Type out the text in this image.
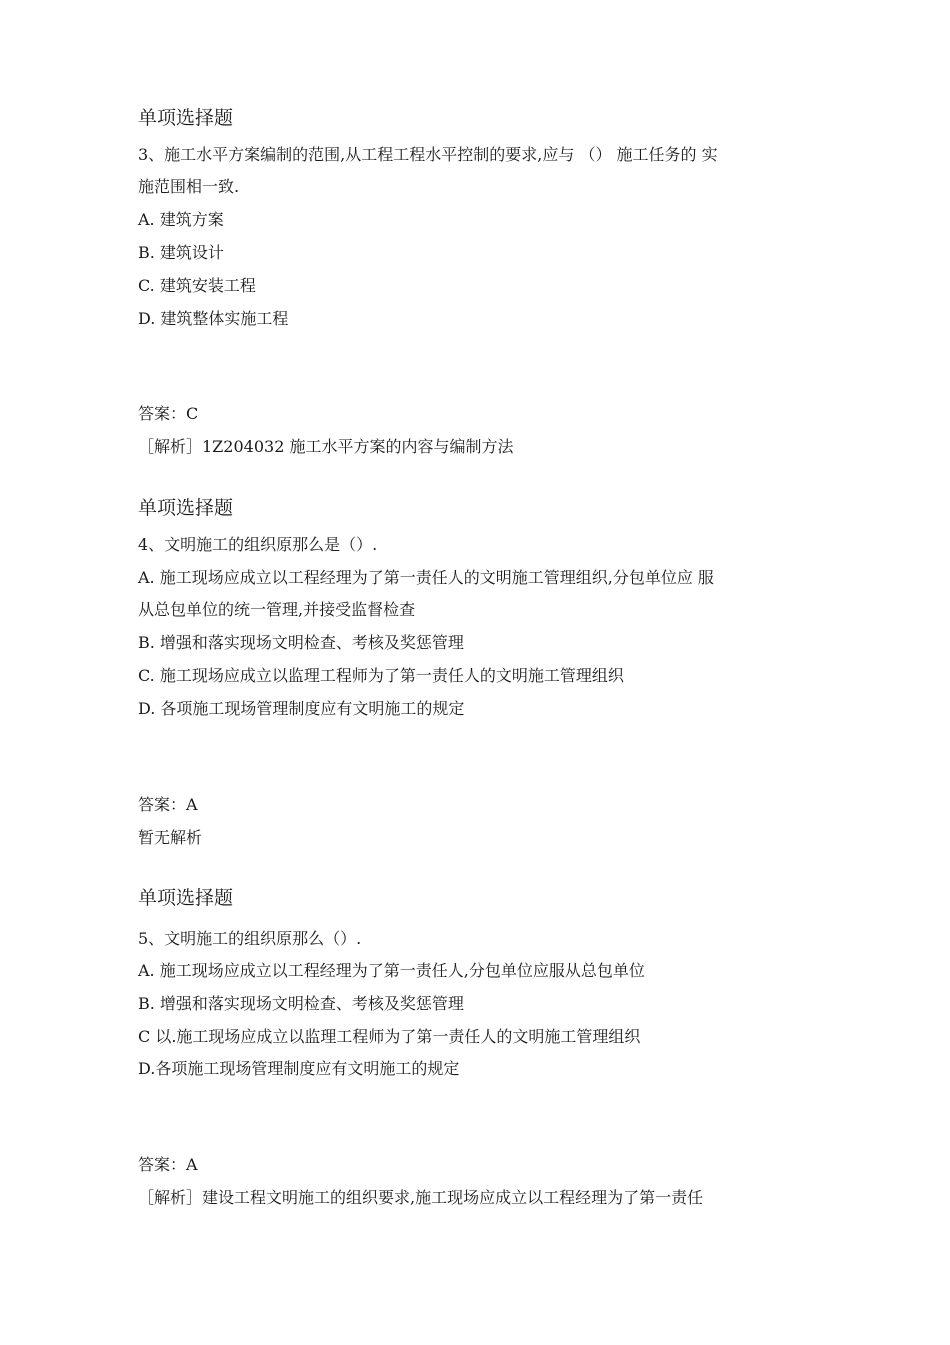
单项选择题
3、施工水平方案编制的范围,从工程工程水平控制的要求,应与 （） 施工任务的 实
施范围相一致.
A. 建筑方案
B. 建筑设计
C. 建筑安装工程
D. 建筑整体实施工程
答案：C
［解析］1Z204032 施工水平方案的内容与编制方法
单项选择题
4、文明施工的组织原那么是（）.
A. 施工现场应成立以工程经理为了第一责任人的文明施工管理组织,分包单位应 服
从总包单位的统一管理,并接受监督检查
B. 增强和落实现场文明检查、考核及奖惩管理
C. 施工现场应成立以监理工程师为了第一责任人的文明施工管理组织
D. 各项施工现场管理制度应有文明施工的规定
答案：A
暂无解析
单项选择题
5、文明施工的组织原那么（）.
A. 施工现场应成立以工程经理为了第一责任人,分包单位应服从总包单位
B. 增强和落实现场文明检查、考核及奖惩管理
C 以.施工现场应成立以监理工程师为了第一责任人的文明施工管理组织
D.各项施工现场管理制度应有文明施工的规定
答案：A
［解析］建设工程文明施工的组织要求,施工现场应成立以工程经理为了第一责任
